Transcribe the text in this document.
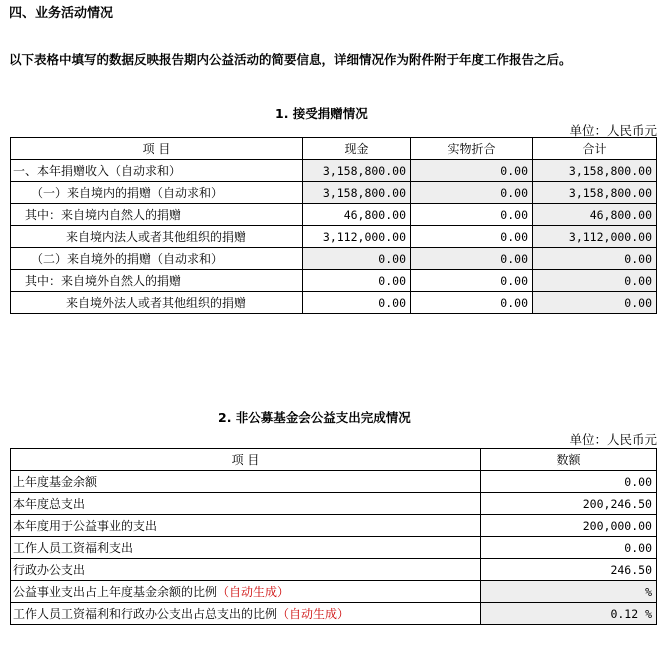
四、业务活动情况
以下表格中填写的数据反映报告期内公益活动的简要信息，详细情况作为附件附于年度工作报告之后。
1. 接受捐赠情况
单位：人民币元
项 目	现金	实物折合	合计
一、本年捐赠收入（自动求和）	3,158,800.00	0.00	3,158,800.00
（一）来自境内的捐赠（自动求和）	3,158,800.00	0.00	3,158,800.00
其中：来自境内自然人的捐赠	46,800.00	0.00	46,800.00
来自境内法人或者其他组织的捐赠	3,112,000.00	0.00	3,112,000.00
（二）来自境外的捐赠（自动求和）	0.00	0.00	0.00
其中：来自境外自然人的捐赠	0.00	0.00	0.00
来自境外法人或者其他组织的捐赠	0.00	0.00	0.00
2. 非公募基金会公益支出完成情况
单位：人民币元
项 目	数额
上年度基金余额	0.00
本年度总支出	200,246.50
本年度用于公益事业的支出	200,000.00
工作人员工资福利支出	0.00
行政办公支出	246.50
公益事业支出占上年度基金余额的比例（自动生成）	%
工作人员工资福利和行政办公支出占总支出的比例（自动生成）	0.12 %
